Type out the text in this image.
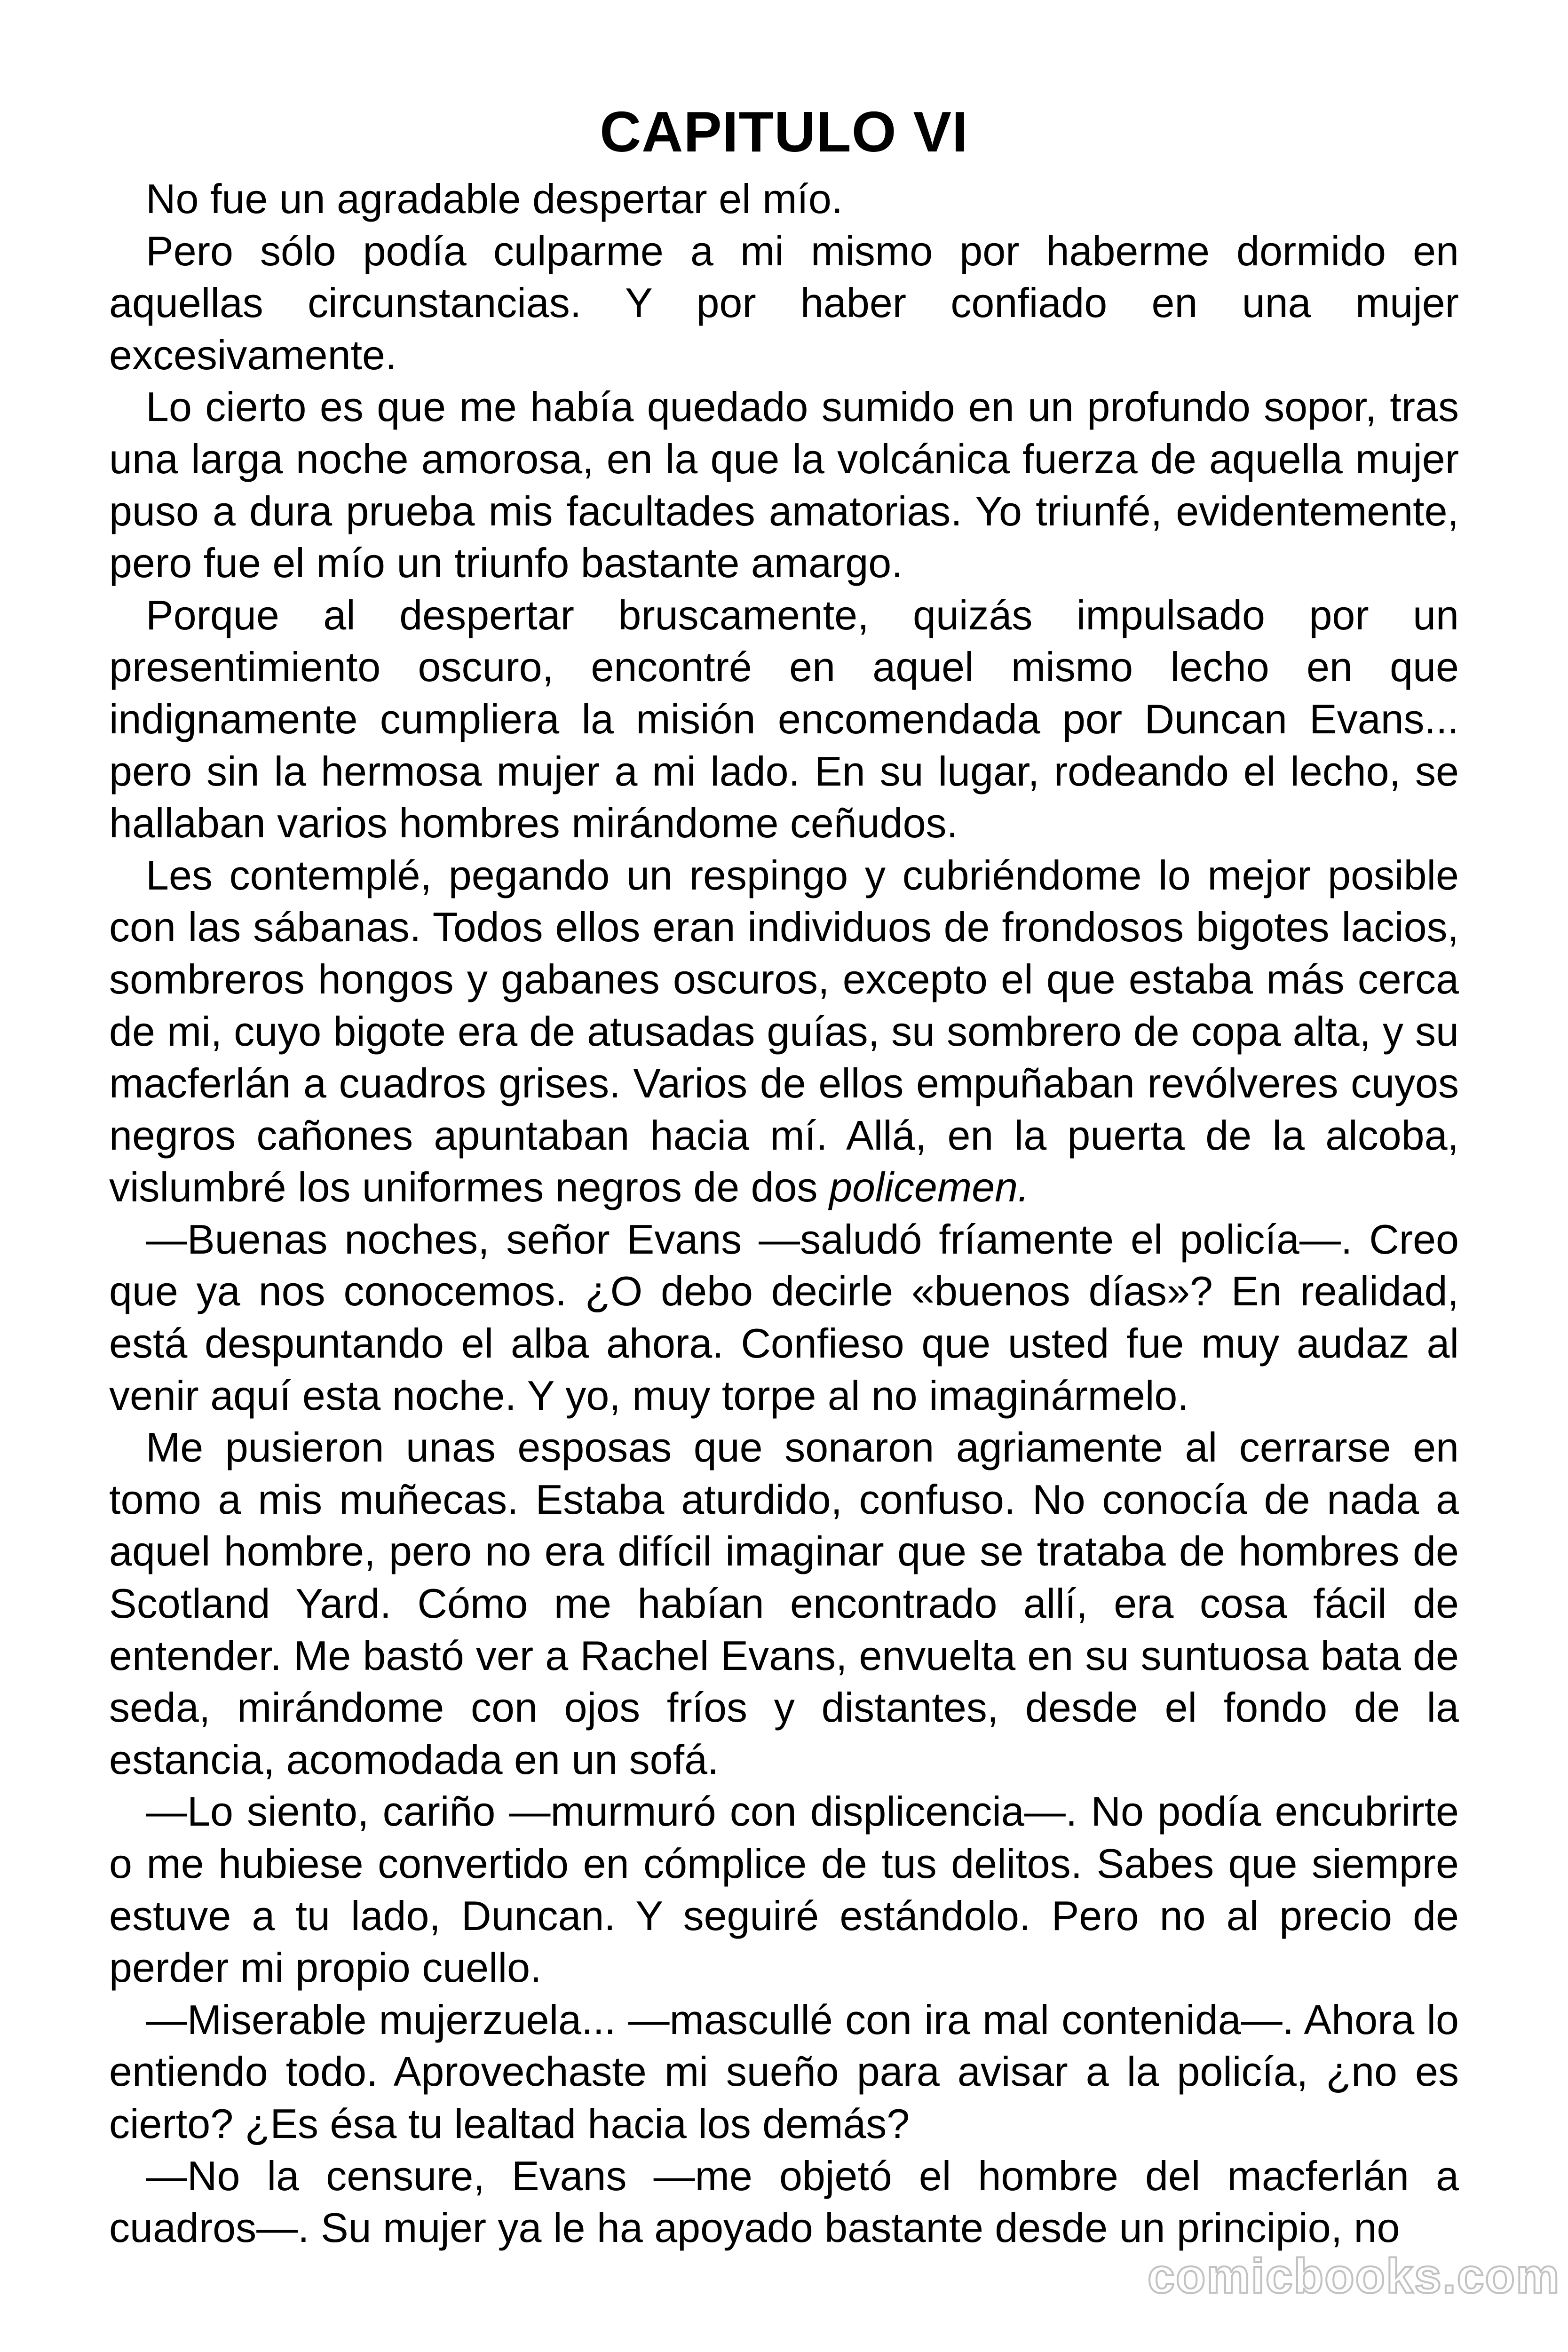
CAPITULO VI

No fue un agradable despertar el mío.

Pero sólo podía culparme a mi mismo por haberme dormido en aquellas circunstancias. Y por haber confiado en una mujer excesivamente.

Lo cierto es que me había quedado sumido en un profundo sopor, tras una larga noche amorosa, en la que la volcánica fuerza de aquella mujer puso a dura prueba mis facultades amatorias. Yo triunfé, evidentemente, pero fue el mío un triunfo bastante amargo.

Porque al despertar bruscamente, quizás impulsado por un presentimiento oscuro, encontré en aquel mismo lecho en que indignamente cumpliera la misión encomendada por Duncan Evans... pero sin la hermosa mujer a mi lado. En su lugar, rodeando el lecho, se hallaban varios hombres mirándome ceñudos.

Les contemplé, pegando un respingo y cubriéndome lo mejor posible con las sábanas. Todos ellos eran individuos de frondosos bigotes lacios, sombreros hongos y gabanes oscuros, excepto el que estaba más cerca de mi, cuyo bigote era de atusadas guías, su sombrero de copa alta, y su macferlán a cuadros grises. Varios de ellos empuñaban revólveres cuyos negros cañones apuntaban hacia mí. Allá, en la puerta de la alcoba, vislumbré los uniformes negros de dos policemen.

—Buenas noches, señor Evans —saludó fríamente el policía—. Creo que ya nos conocemos. ¿O debo decirle «buenos días»? En realidad, está despuntando el alba ahora. Confieso que usted fue muy audaz al venir aquí esta noche. Y yo, muy torpe al no imaginármelo.

Me pusieron unas esposas que sonaron agriamente al cerrarse en tomo a mis muñecas. Estaba aturdido, confuso. No conocía de nada a aquel hombre, pero no era difícil imaginar que se trataba de hombres de Scotland Yard. Cómo me habían encontrado allí, era cosa fácil de entender. Me bastó ver a Rachel Evans, envuelta en su suntuosa bata de seda, mirándome con ojos fríos y distantes, desde el fondo de la estancia, acomodada en un sofá.

—Lo siento, cariño —murmuró con displicencia—. No podía encubrirte o me hubiese convertido en cómplice de tus delitos. Sabes que siempre estuve a tu lado, Duncan. Y seguiré estándolo. Pero no al precio de perder mi propio cuello.

—Miserable mujerzuela... —mascullé con ira mal contenida—. Ahora lo entiendo todo. Aprovechaste mi sueño para avisar a la policía, ¿no es cierto? ¿Es ésa tu lealtad hacia los demás?

—No la censure, Evans —me objetó el hombre del macferlán a cuadros—. Su mujer ya le ha apoyado bastante desde un principio, no

comicbooks.com
